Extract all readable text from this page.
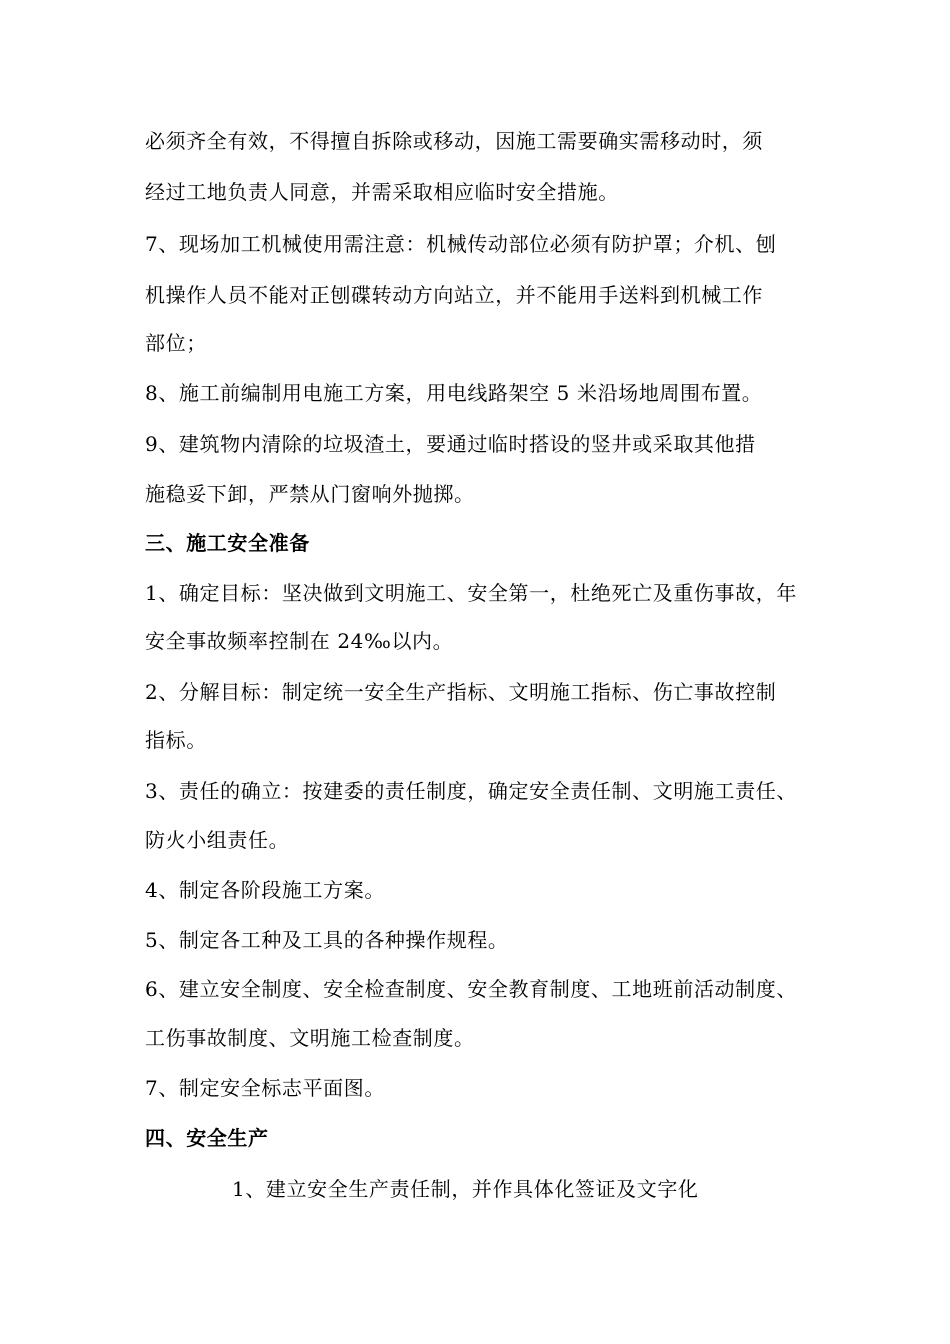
必须齐全有效，不得擅自拆除或移动，因施工需要确实需移动时，须
经过工地负责人同意，并需采取相应临时安全措施。
7、现场加工机械使用需注意：机械传动部位必须有防护罩；介机、刨
机操作人员不能对正刨碟转动方向站立，并不能用手送料到机械工作
部位；
8、施工前编制用电施工方案，用电线路架空 5 米沿场地周围布置。
9、建筑物内清除的垃圾渣土，要通过临时搭设的竖井或采取其他措
施稳妥下卸，严禁从门窗响外抛掷。
三、施工安全准备
1、确定目标：坚决做到文明施工、安全第一，杜绝死亡及重伤事故，年
安全事故频率控制在 24‰以内。
2、分解目标：制定统一安全生产指标、文明施工指标、伤亡事故控制
指标。
3、责任的确立：按建委的责任制度，确定安全责任制、文明施工责任、
防火小组责任。
4、制定各阶段施工方案。
5、制定各工种及工具的各种操作规程。
6、建立安全制度、安全检查制度、安全教育制度、工地班前活动制度、
工伤事故制度、文明施工检查制度。
7、制定安全标志平面图。
四、安全生产
1、建立安全生产责任制，并作具体化签证及文字化
